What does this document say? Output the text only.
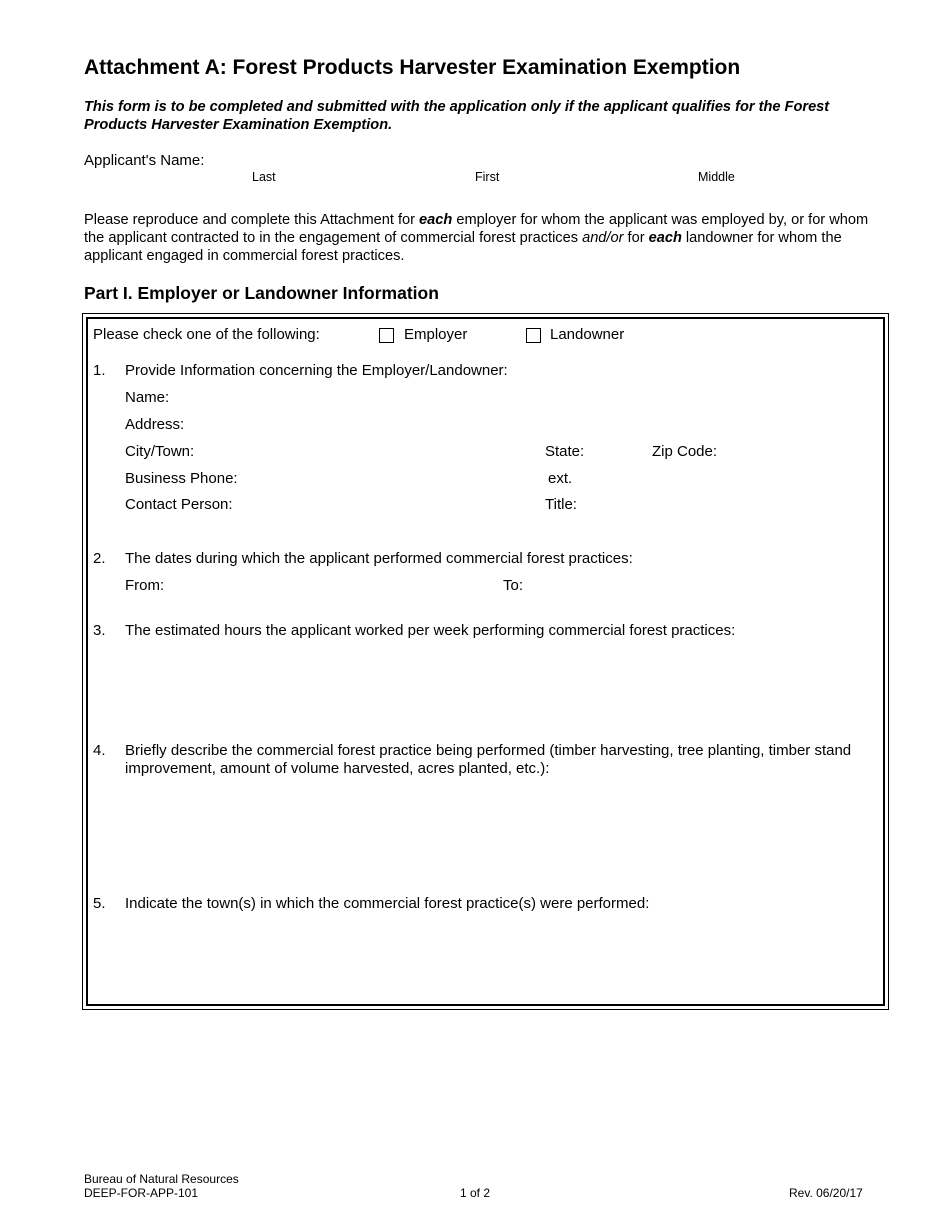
Attachment A: Forest Products Harvester Examination Exemption
This form is to be completed and submitted with the application only if the applicant qualifies for the Forest Products Harvester Examination Exemption.
Applicant's Name:
Last	First	Middle
Please reproduce and complete this Attachment for each employer for whom the applicant was employed by, or for whom the applicant contracted to in the engagement of commercial forest practices and/or for each landowner for whom the applicant engaged in commercial forest practices.
Part I. Employer or Landowner Information
Please check one of the following:	Employer	Landowner
1. Provide Information concerning the Employer/Landowner:
Name:
Address:
City/Town:	State:	Zip Code:
Business Phone:	ext.
Contact Person:	Title:
2. The dates during which the applicant performed commercial forest practices:
From:	To:
3. The estimated hours the applicant worked per week performing commercial forest practices:
4. Briefly describe the commercial forest practice being performed (timber harvesting, tree planting, timber stand improvement, amount of volume harvested, acres planted, etc.):
5. Indicate the town(s) in which the commercial forest practice(s) were performed:
Bureau of Natural Resources
DEEP-FOR-APP-101	1 of 2	Rev. 06/20/17
